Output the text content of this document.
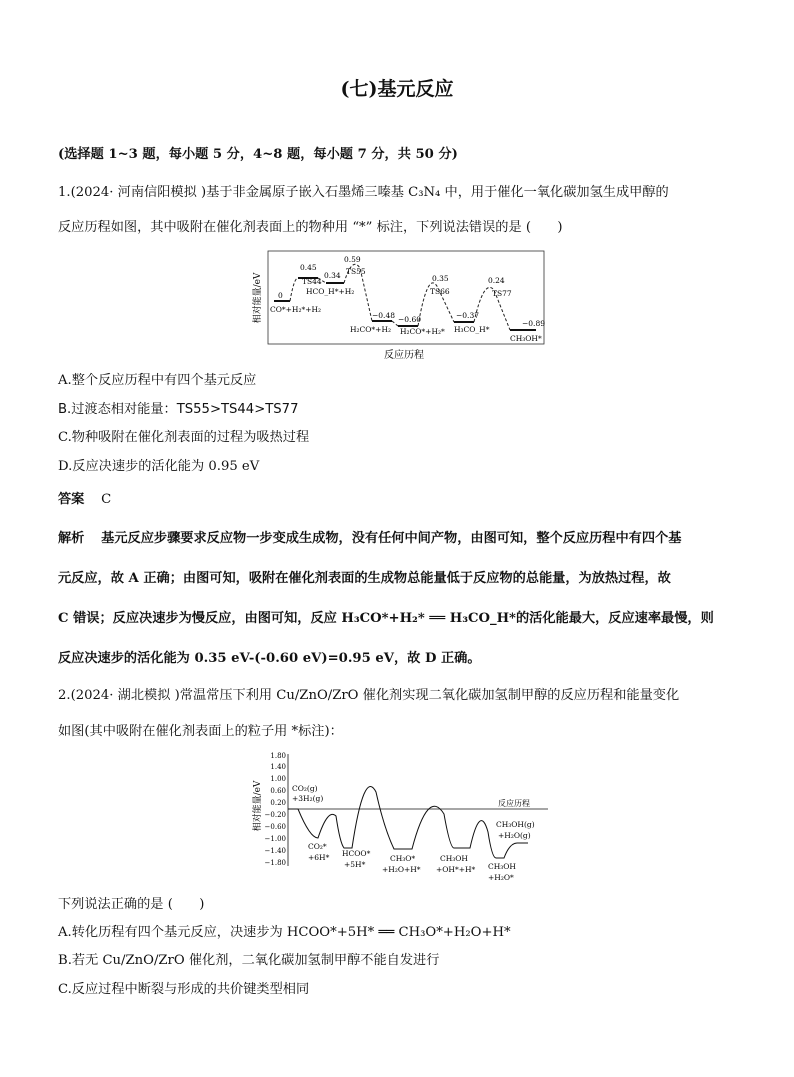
(七)基元反应
(选择题 1~3 题，每小题 5 分，4~8 题，每小题 7 分，共 50 分)
1.(2024· 河南信阳模拟 )基于非金属原子嵌入石墨烯三嗪基 C₃N₄ 中，用于催化一氧化碳加氢生成甲醇的
反应历程如图，其中吸附在催化剂表面上的物种用 “*” 标注，下列说法错误的是 (　　)
相对能量/eV
反应历程
0
0.45
0.34
0.59
−0.48 −0.60
0.35
−0.37
0.24
−0.89
TS44
TS55
TS66	TS77
CO*+H₂*+H₂
HCO_H*+H₂
H₂CO*+H₂ H₂CO*+H₂* H₃CO_H*
CH₃OH*
A.整个反应历程中有四个基元反应
B.过渡态相对能量：TS55>TS44>TS77
C.物种吸附在催化剂表面的过程为吸热过程
D.反应决速步的活化能为 0.95 eV
答案 C
解析 基元反应步骤要求反应物一步变成生成物，没有任何中间产物，由图可知，整个反应历程中有四个基
元反应，故 A 正确；由图可知，吸附在催化剂表面的生成物总能量低于反应物的总能量，为放热过程，故
C 错误；反应决速步为慢反应，由图可知，反应 H₃CO*+H₂* ══ H₃CO_H*的活化能最大，反应速率最慢，则
反应决速步的活化能为 0.35 eV-(-0.60 eV)=0.95 eV，故 D 正确。
2.(2024· 湖北模拟 )常温常压下利用 Cu/ZnO/ZrO 催化剂实现二氧化碳加氢制甲醇的反应历程和能量变化
如图(其中吸附在催化剂表面上的粒子用 *标注)：
相对能量/eV
1.80
1.40
1.00
0.60
0.20
−0.20
−0.60
−1.00
−1.40
−1.80
反应历程
CO₂(g)
+3H₂(g)
CO₂*
+6H* HCOO*
+5H*
CH₃O*
+H₂O+H*
CH₃OH
+OH*+H* CH₃OH
+H₂O*
CH₃OH(g)
+H₂O(g)
下列说法正确的是 (　　)
A.转化历程有四个基元反应，决速步为 HCOO*+5H* ══ CH₃O*+H₂O+H*
B.若无 Cu/ZnO/ZrO 催化剂，二氧化碳加氢制甲醇不能自发进行
C.反应过程中断裂与形成的共价键类型相同
